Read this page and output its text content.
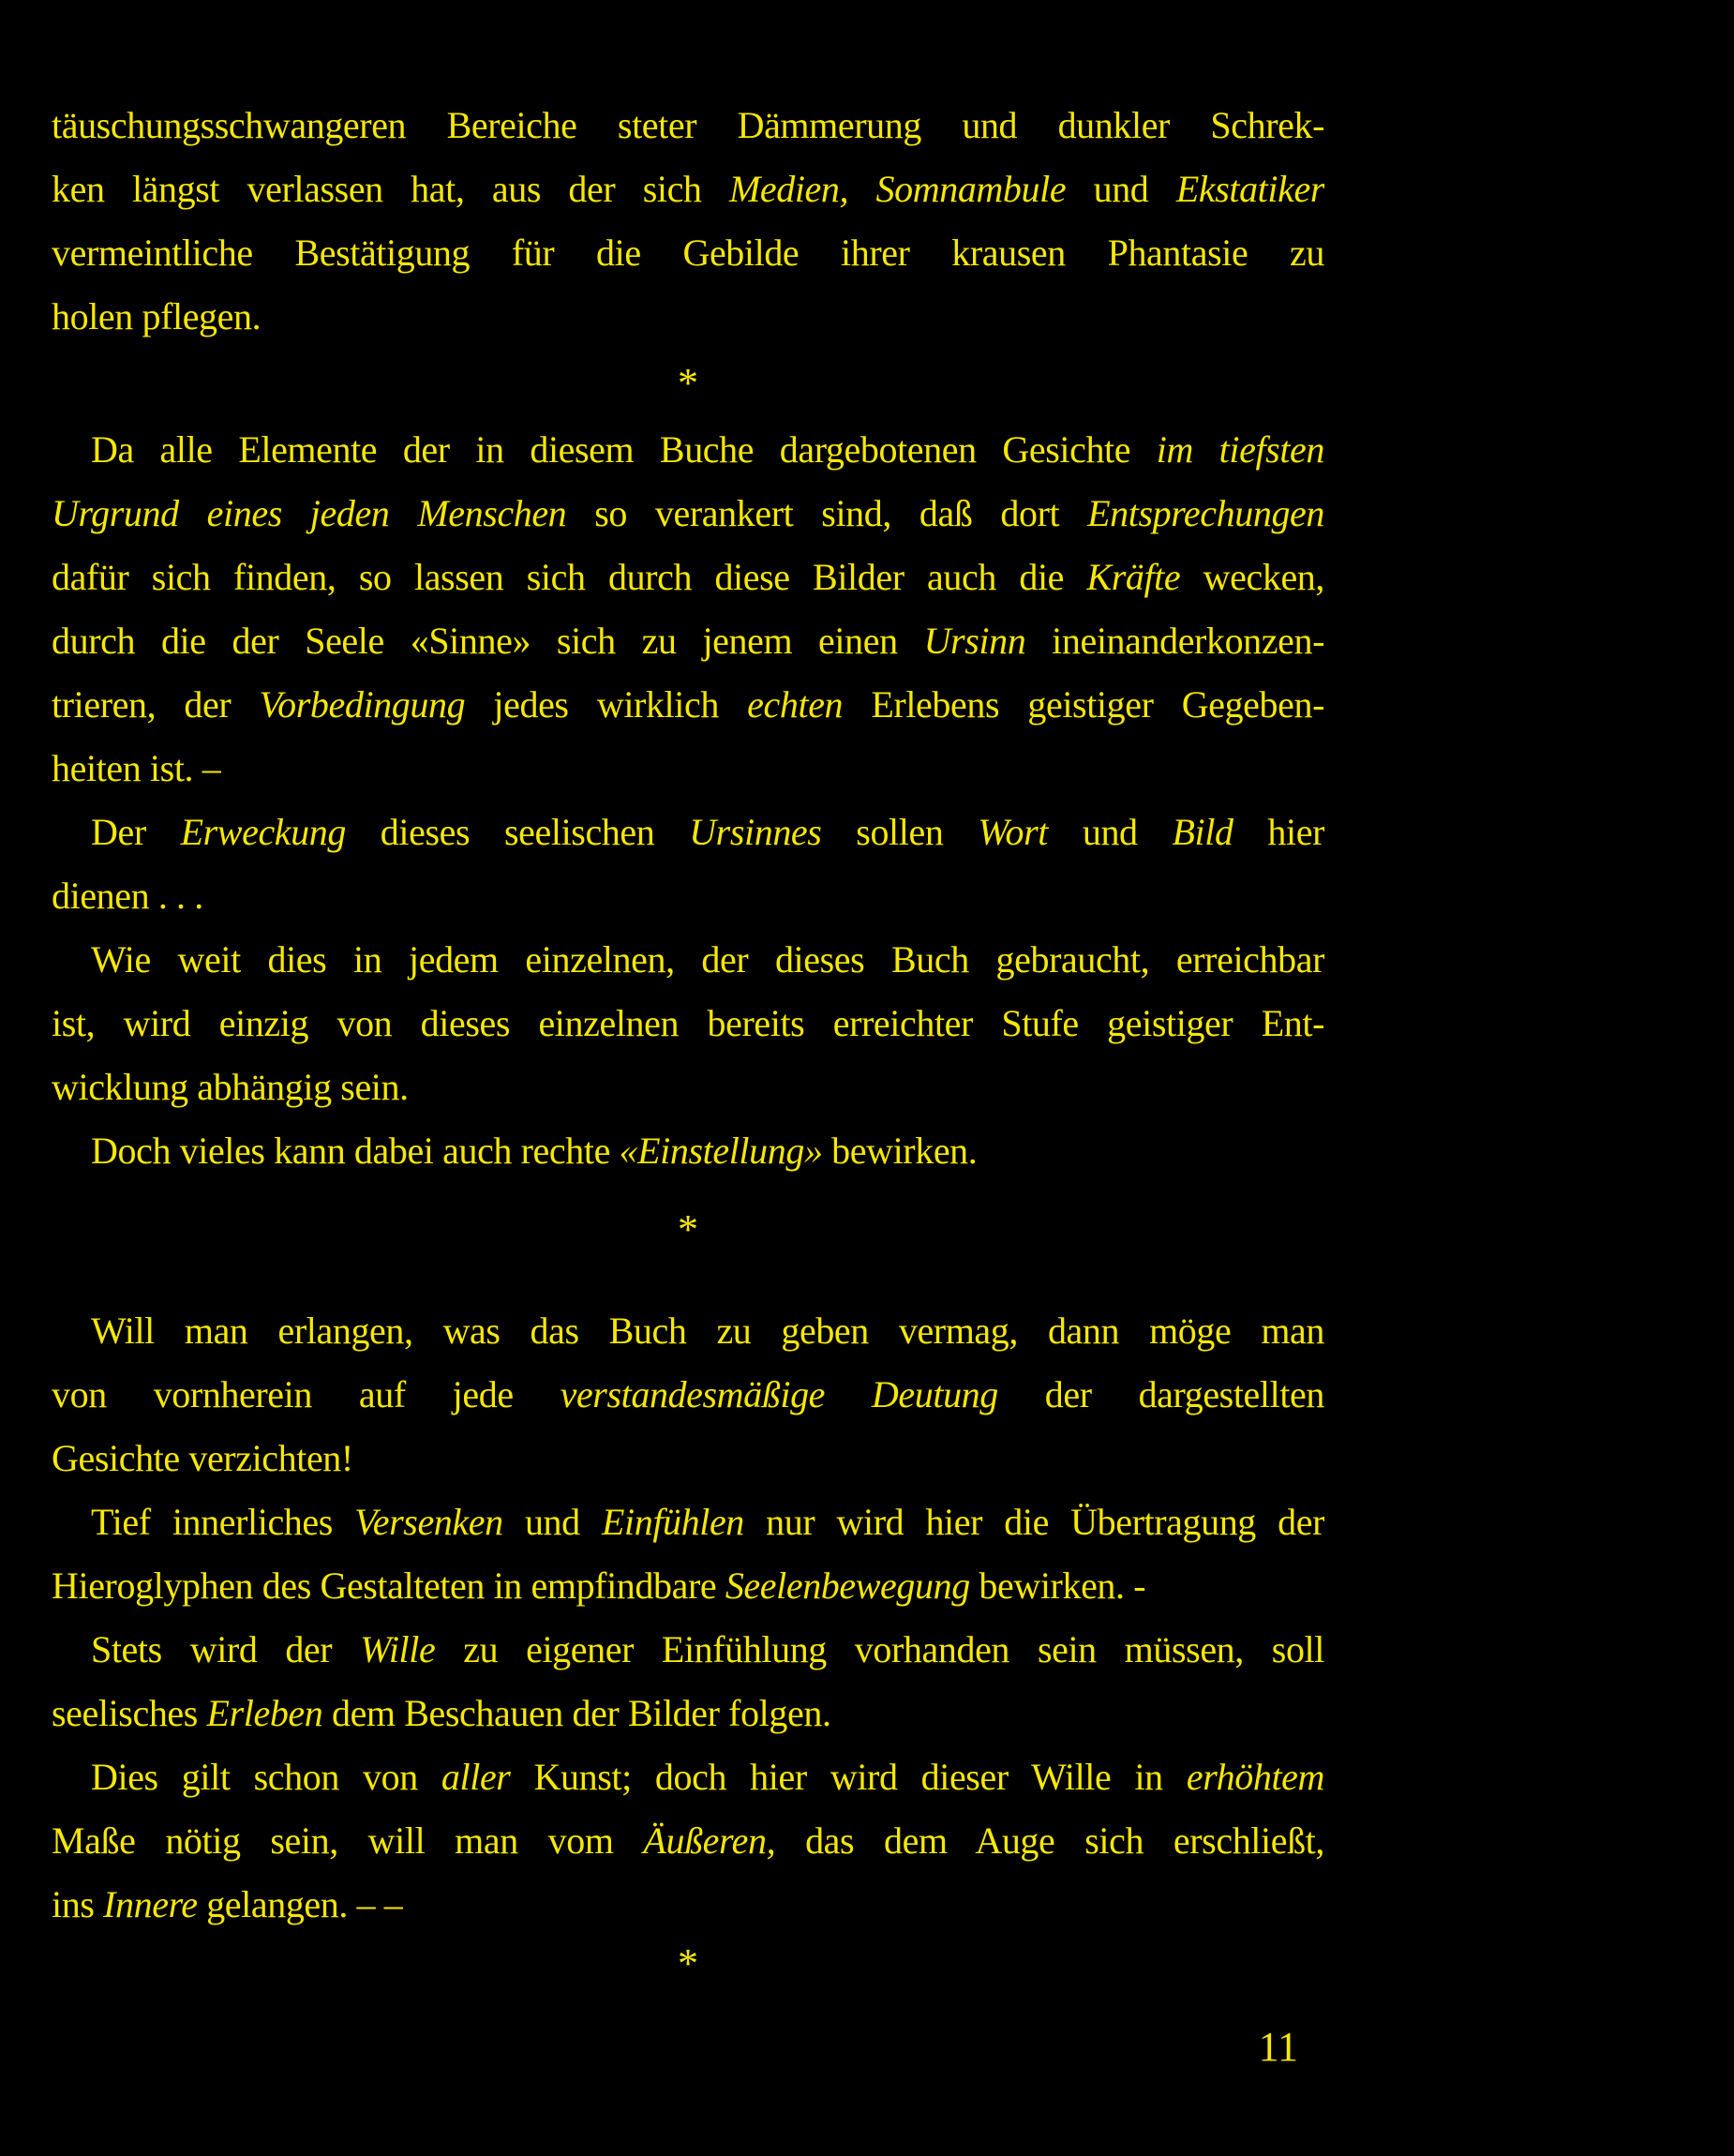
täuschungsschwangeren Bereiche steter Dämmerung und dunkler Schrek-
ken längst verlassen hat, aus der sich Medien, Somnambule und Ekstatiker
vermeintliche Bestätigung für die Gebilde ihrer krausen Phantasie zu
holen pflegen.
*
Da alle Elemente der in diesem Buche dargebotenen Gesichte im tiefsten
Urgrund eines jeden Menschen so verankert sind, daß dort Entsprechungen
dafür sich finden, so lassen sich durch diese Bilder auch die Kräfte wecken,
durch die der Seele «Sinne» sich zu jenem einen Ursinn ineinanderkonzen-
trieren, der Vorbedingung jedes wirklich echten Erlebens geistiger Gegeben-
heiten ist. –
Der Erweckung dieses seelischen Ursinnes sollen Wort und Bild hier
dienen . . .
Wie weit dies in jedem einzelnen, der dieses Buch gebraucht, erreichbar
ist, wird einzig von dieses einzelnen bereits erreichter Stufe geistiger Ent-
wicklung abhängig sein.
Doch vieles kann dabei auch rechte «Einstellung» bewirken.
*
Will man erlangen, was das Buch zu geben vermag, dann möge man
von vornherein auf jede verstandesmäßige Deutung der dargestellten
Gesichte verzichten!
Tief innerliches Versenken und Einfühlen nur wird hier die Übertragung der
Hieroglyphen des Gestalteten in empfindbare Seelenbewegung bewirken. -
Stets wird der Wille zu eigener Einfühlung vorhanden sein müssen, soll
seelisches Erleben dem Beschauen der Bilder folgen.
Dies gilt schon von aller Kunst; doch hier wird dieser Wille in erhöhtem
Maße nötig sein, will man vom Äußeren, das dem Auge sich erschließt,
ins Innere gelangen. – –
*
11
